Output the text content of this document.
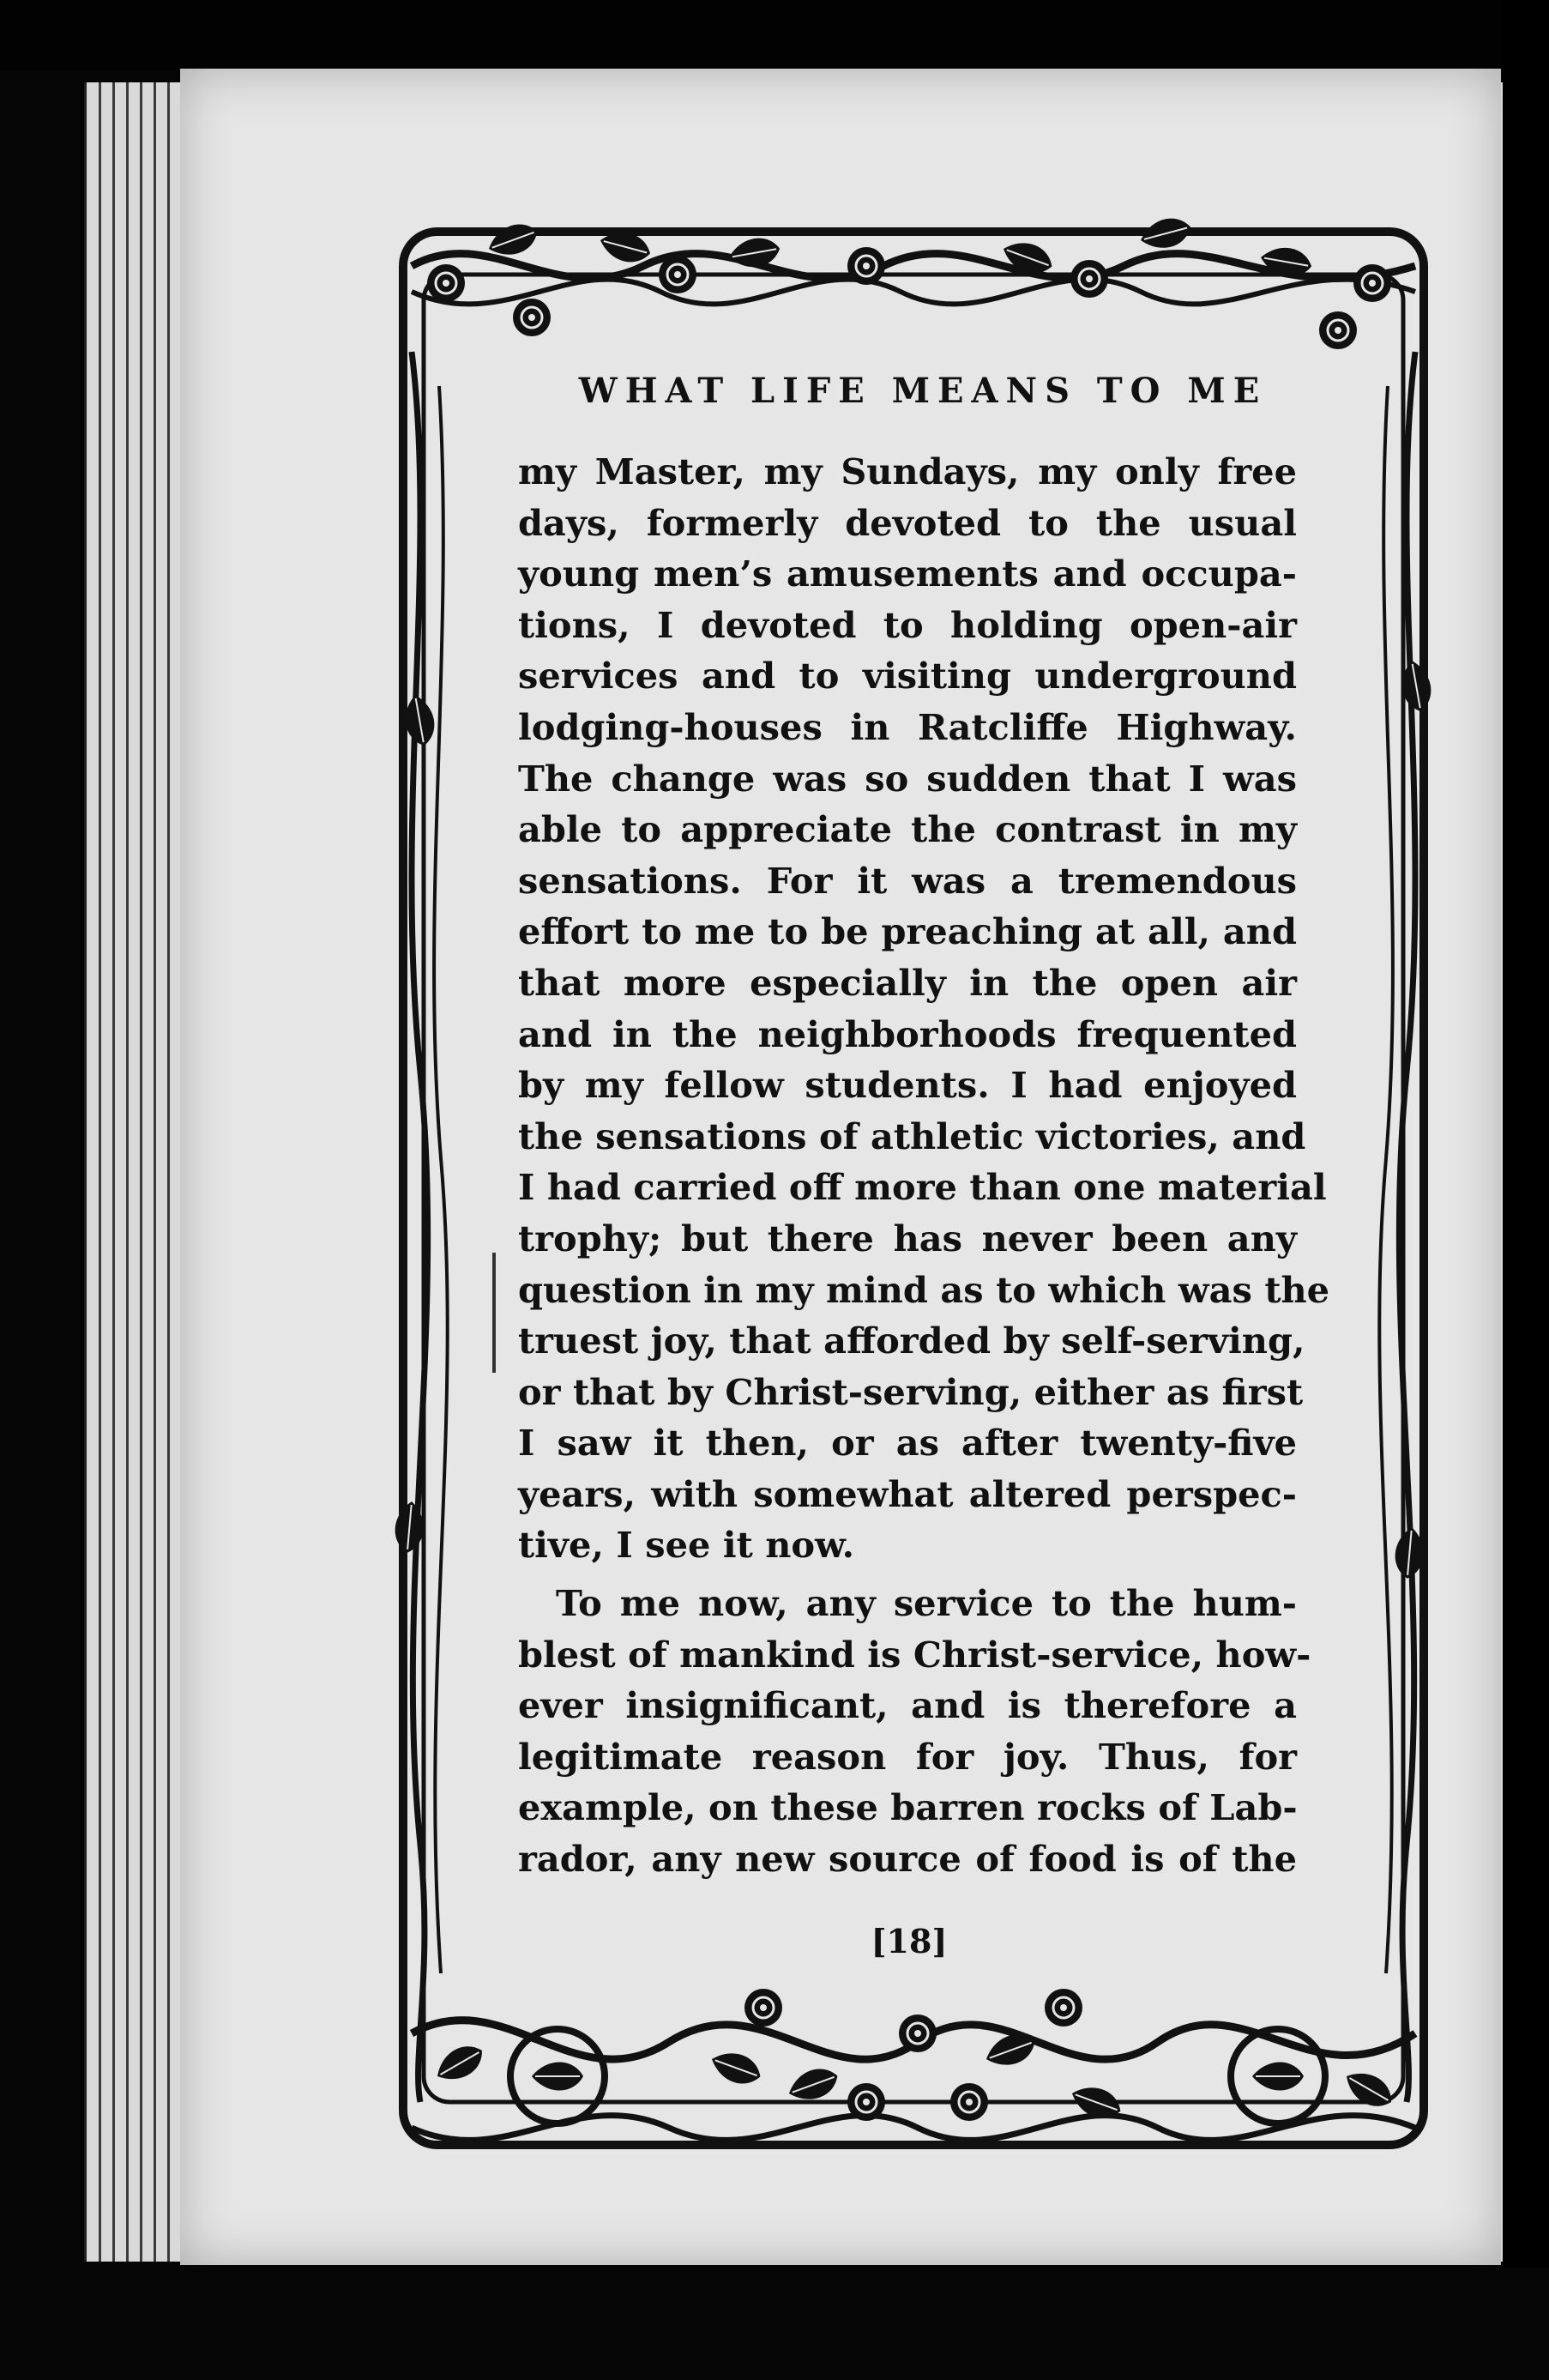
WHAT LIFE MEANS TO ME
my Master, my Sundays, my only free
days, formerly devoted to the usual
young men’s amusements and occupa-
tions, I devoted to holding open-air
services and to visiting underground
lodging-houses in Ratcliffe Highway.
The change was so sudden that I was
able to appreciate the contrast in my
sensations. For it was a tremendous
effort to me to be preaching at all, and
that more especially in the open air
and in the neighborhoods frequented
by my fellow students. I had enjoyed
the sensations of athletic victories, and
I had carried off more than one material
trophy; but there has never been any
question in my mind as to which was the
truest joy, that afforded by self-serving,
or that by Christ-serving, either as first
I saw it then, or as after twenty-five
years, with somewhat altered perspec-
tive, I see it now.
To me now, any service to the hum-
blest of mankind is Christ-service, how-
ever insignificant, and is therefore a
legitimate reason for joy. Thus, for
example, on these barren rocks of Lab-
rador, any new source of food is of the
[18]
